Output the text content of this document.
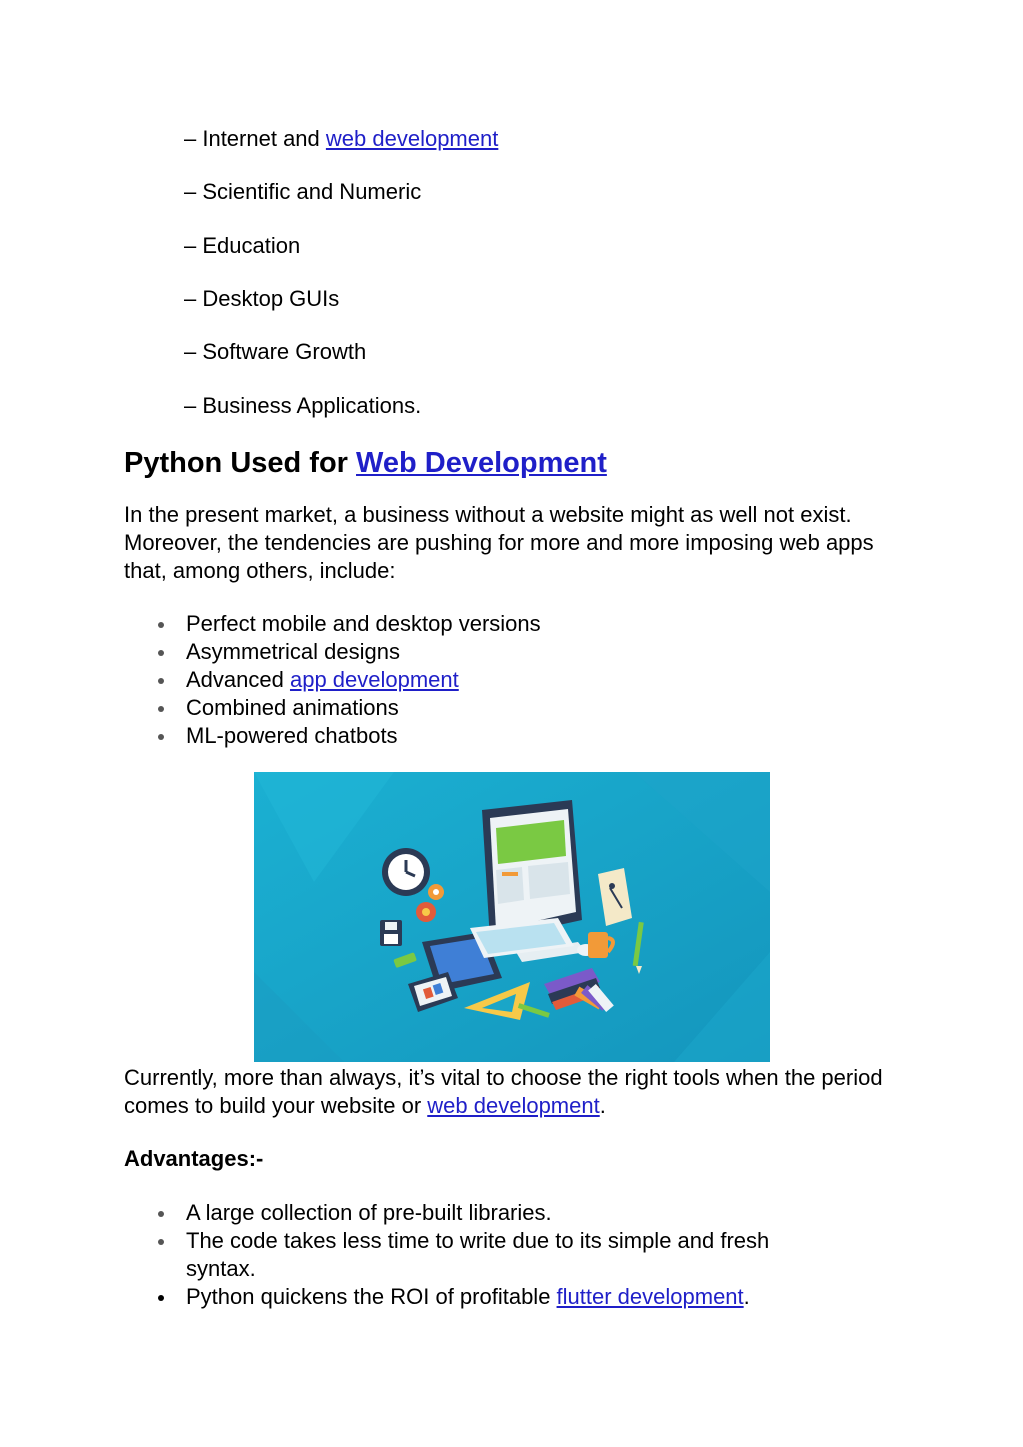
– Internet and web development
– Scientific and Numeric
– Education
– Desktop GUIs
– Software Growth
– Business Applications.
Python Used for Web Development
In the present market, a business without a website might as well not exist. Moreover, the tendencies are pushing for more and more imposing web apps that, among others, include:
Perfect mobile and desktop versions
Asymmetrical designs
Advanced app development
Combined animations
ML-powered chatbots
Currently, more than always, it’s vital to choose the right tools when the period comes to build your website or web development.
Advantages:-
A large collection of pre-built libraries.
The code takes less time to write due to its simple and fresh syntax.
Python quickens the ROI of profitable flutter development.
